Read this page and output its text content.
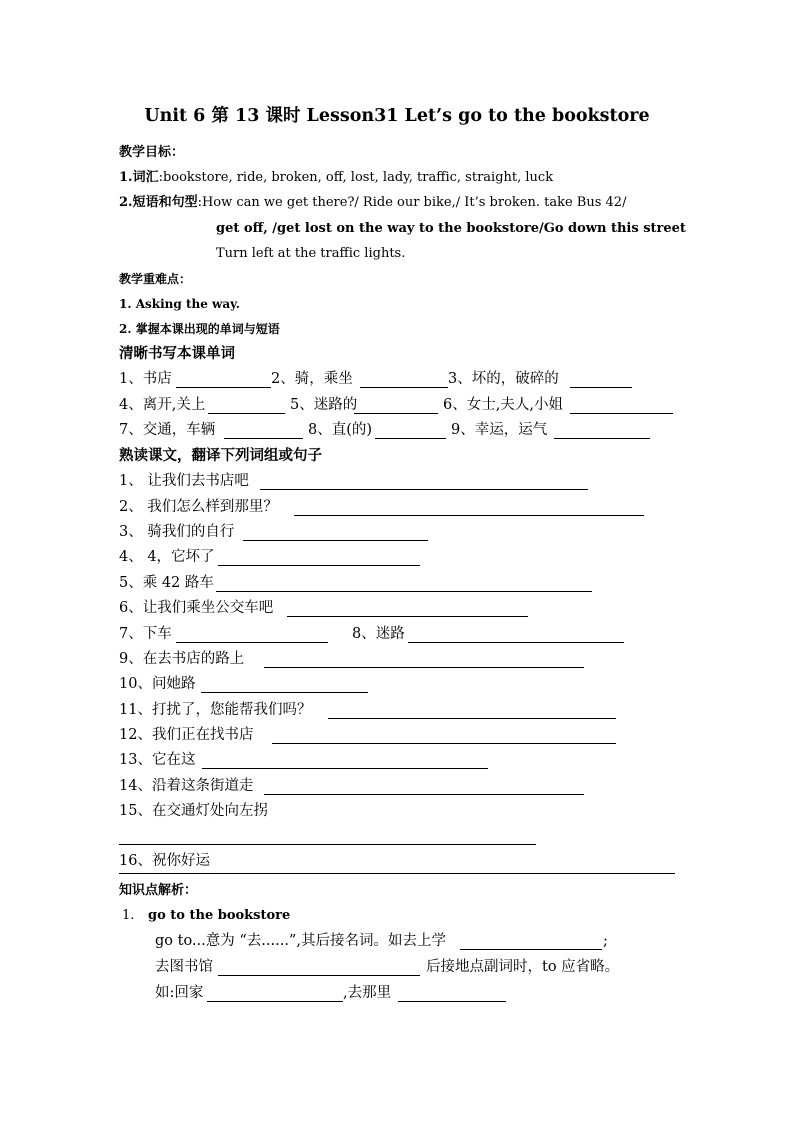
Unit 6 第 13 课时 Lesson31 Let’s go to the bookstore
教学目标：
1.词汇:bookstore, ride, broken, off, lost, lady, traffic, straight, luck
2.短语和句型:How can we get there?/ Ride our bike,/ It’s broken. take Bus 42/
get off, /get lost on the way to the bookstore/Go down this street
Turn left at the traffic lights.
教学重难点：
1. Asking the way.
2. 掌握本课出现的单词与短语
清晰书写本课单词
1、书店	2、骑，乘坐	3、坏的，破碎的
4、离开,关上	5、迷路的	6、女士,夫人,小姐
7、交通，车辆	8、直(的)	9、幸运，运气
熟读课文，翻译下列词组或句子
1、 让我们去书店吧
2、 我们怎么样到那里？
3、 骑我们的自行
4、 4，它坏了
5、乘 42 路车
6、让我们乘坐公交车吧
7、下车	8、迷路
9、在去书店的路上
10、问她路
11、打扰了，您能帮我们吗？
12、我们正在找书店
13、它在这
14、沿着这条街道走
15、在交通灯处向左拐
16、祝你好运
知识点解析：
1. go to the bookstore
go to...意为 “去......”,其后接名词。如去上学	;
去图书馆	后接地点副词时，to 应省略。
如:回家	,去那里
